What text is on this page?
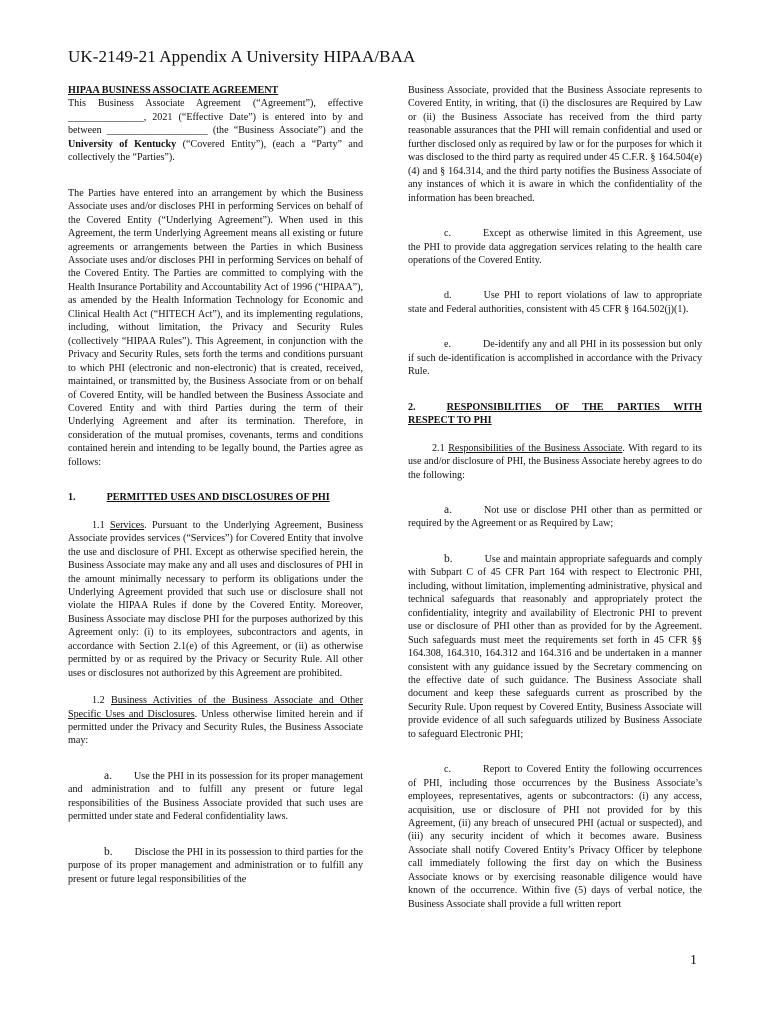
UK-2149-21 Appendix A University HIPAA/BAA

HIPAA BUSINESS ASSOCIATE AGREEMENT

This Business Associate Agreement (“Agreement”), effective _______________, 2021 (“Effective Date”) is entered into by and between ____________________ (the “Business Associate”) and the University of Kentucky (“Covered Entity”), (each a “Party” and collectively the “Parties”).

The Parties have entered into an arrangement by which the Business Associate uses and/or discloses PHI in performing Services on behalf of the Covered Entity (“Underlying Agreement”). When used in this Agreement, the term Underlying Agreement means all existing or future agreements or arrangements between the Parties in which Business Associate uses and/or discloses PHI in performing Services on behalf of the Covered Entity. The Parties are committed to complying with the Health Insurance Portability and Accountability Act of 1996 (“HIPAA”), as amended by the Health Information Technology for Economic and Clinical Health Act (“HITECH Act”), and its implementing regulations, including, without limitation, the Privacy and Security Rules (collectively “HIPAA Rules”). This Agreement, in conjunction with the Privacy and Security Rules, sets forth the terms and conditions pursuant to which PHI (electronic and non-electronic) that is created, received, maintained, or transmitted by, the Business Associate from or on behalf of Covered Entity, will be handled between the Business Associate and Covered Entity and with third Parties during the term of their Underlying Agreement and after its termination. Therefore, in consideration of the mutual promises, covenants, terms and conditions contained herein and intending to be legally bound, the Parties agree as follows:

1.	PERMITTED USES AND DISCLOSURES OF PHI

1.1 Services. Pursuant to the Underlying Agreement, Business Associate provides services (“Services”) for Covered Entity that involve the use and disclosure of PHI. Except as otherwise specified herein, the Business Associate may make any and all uses and disclosures of PHI in the amount minimally necessary to perform its obligations under the Underlying Agreement provided that such use or disclosure shall not violate the HIPAA Rules if done by the Covered Entity. Moreover, Business Associate may disclose PHI for the purposes authorized by this Agreement only: (i) to its employees, subcontractors and agents, in accordance with Section 2.1(e) of this Agreement, or (ii) as otherwise permitted by or as required by the Privacy or Security Rule. All other uses or disclosures not authorized by this Agreement are prohibited.

1.2 Business Activities of the Business Associate and Other Specific Uses and Disclosures. Unless otherwise limited herein and if permitted under the Privacy and Security Rules, the Business Associate may:

a. Use the PHI in its possession for its proper management and administration and to fulfill any present or future legal responsibilities of the Business Associate provided that such uses are permitted under state and Federal confidentiality laws.

b. Disclose the PHI in its possession to third parties for the purpose of its proper management and administration or to fulfill any present or future legal responsibilities of the

Business Associate, provided that the Business Associate represents to Covered Entity, in writing, that (i) the disclosures are Required by Law or (ii) the Business Associate has received from the third party reasonable assurances that the PHI will remain confidential and used or further disclosed only as required by law or for the purposes for which it was disclosed to the third party as required under 45 C.F.R. § 164.504(e)(4) and § 164.314, and the third party notifies the Business Associate of any instances of which it is aware in which the confidentiality of the information has been breached.

c.	Except as otherwise limited in this Agreement, use the PHI to provide data aggregation services relating to the health care operations of the Covered Entity.

d.	Use PHI to report violations of law to appropriate state and Federal authorities, consistent with 45 CFR § 164.502(j)(1).

e.	De-identify any and all PHI in its possession but only if such de-identification is accomplished in accordance with the Privacy Rule.

2.	RESPONSIBILITIES OF THE PARTIES WITH RESPECT TO PHI

2.1 Responsibilities of the Business Associate. With regard to its use and/or disclosure of PHI, the Business Associate hereby agrees to do the following:

a.	Not use or disclose PHI other than as permitted or required by the Agreement or as Required by Law;

b.	Use and maintain appropriate safeguards and comply with Subpart C of 45 CFR Part 164 with respect to Electronic PHI, including, without limitation, implementing administrative, physical and technical safeguards that reasonably and appropriately protect the confidentiality, integrity and availability of Electronic PHI to prevent use or disclosure of PHI other than as provided for by the Agreement. Such safeguards must meet the requirements set forth in 45 CFR §§ 164.308, 164.310, 164.312 and 164.316 and be undertaken in a manner consistent with any guidance issued by the Secretary commencing on the effective date of such guidance. The Business Associate shall document and keep these safeguards current as proscribed by the Security Rule. Upon request by Covered Entity, Business Associate will provide evidence of all such safeguards utilized by Business Associate to safeguard Electronic PHI;

c.	Report to Covered Entity the following occurrences of PHI, including those occurrences by the Business Associate’s employees, representatives, agents or subcontractors: (i) any access, acquisition, use or disclosure of PHI not provided for by this Agreement, (ii) any breach of unsecured PHI (actual or suspected), and (iii) any security incident of which it becomes aware. Business Associate shall notify Covered Entity’s Privacy Officer by telephone call immediately following the first day on which the Business Associate knows or by exercising reasonable diligence would have known of the occurrence. Within five (5) days of verbal notice, the Business Associate shall provide a full written report

1
